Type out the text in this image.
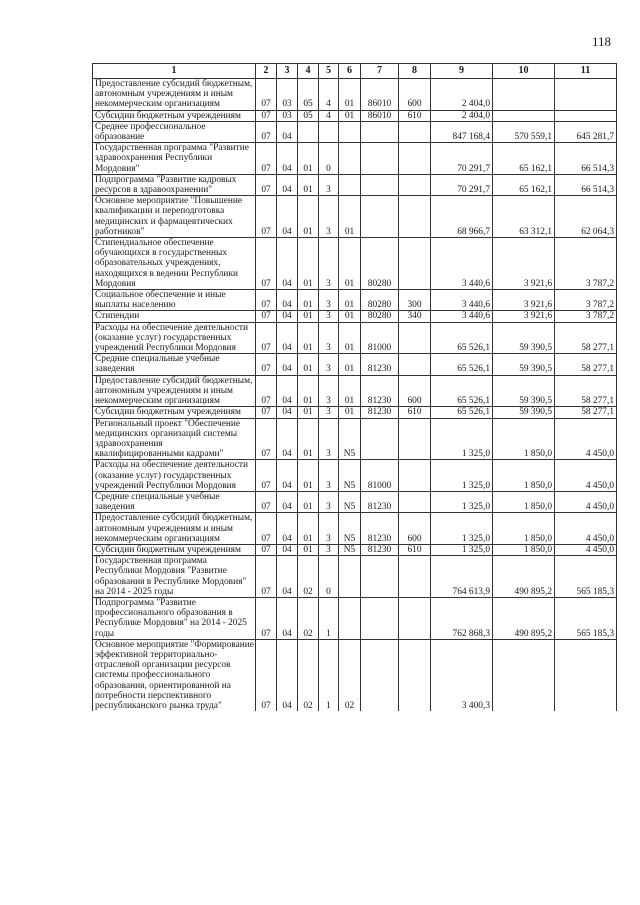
118
1	2	3	4	5	6	7	8	9	10	11
Предоставление субсидий бюджетным, автономным учреждениям и иным некоммерческим организациям	07	03	05	4	01	86010	600	2 404,0		
Субсидии бюджетным учреждениям	07	03	05	4	01	86010	610	2 404,0		
Среднее профессиональное образование	07	04						847 168,4	570 559,1	645 281,7
Государственная программа "Развитие здравоохранения Республики Мордовия"	07	04	01	0				70 291,7	65 162,1	66 514,3
Подпрограмма "Развитие кадровых ресурсов в здравоохранении"	07	04	01	3				70 291,7	65 162,1	66 514,3
Основное мероприятие "Повышение квалификации и переподготовка медицинских и фармацевтических работников"	07	04	01	3	01			68 966,7	63 312,1	62 064,3
Стипендиальное обеспечение обучающихся в государственных образовательных учреждениях, находящихся в ведении Республики Мордовия	07	04	01	3	01	80280		3 440,6	3 921,6	3 787,2
Социальное обеспечение и иные выплаты населению	07	04	01	3	01	80280	300	3 440,6	3 921,6	3 787,2
Стипендии	07	04	01	3	01	80280	340	3 440,6	3 921,6	3 787,2
Расходы на обеспечение деятельности (оказание услуг) государственных учреждений Республики Мордовия	07	04	01	3	01	81000		65 526,1	59 390,5	58 277,1
Средние специальные учебные заведения	07	04	01	3	01	81230		65 526,1	59 390,5	58 277,1
Предоставление субсидий бюджетным, автономным учреждениям и иным некоммерческим организациям	07	04	01	3	01	81230	600	65 526,1	59 390,5	58 277,1
Субсидии бюджетным учреждениям	07	04	01	3	01	81230	610	65 526,1	59 390,5	58 277,1
Региональный проект "Обеспечение медицинских организаций системы здравоохранения квалифицированными кадрами"	07	04	01	3	N5			1 325,0	1 850,0	4 450,0
Расходы на обеспечение деятельности (оказание услуг) государственных учреждений Республики Мордовия	07	04	01	3	N5	81000		1 325,0	1 850,0	4 450,0
Средние специальные учебные заведения	07	04	01	3	N5	81230		1 325,0	1 850,0	4 450,0
Предоставление субсидий бюджетным, автономным учреждениям и иным некоммерческим организациям	07	04	01	3	N5	81230	600	1 325,0	1 850,0	4 450,0
Субсидии бюджетным учреждениям	07	04	01	3	N5	81230	610	1 325,0	1 850,0	4 450,0
Государственная программа Республики Мордовия "Развитие образования в Республике Мордовия" на 2014 - 2025 годы	07	04	02	0				764 613,9	490 895,2	565 185,3
Подпрограмма "Развитие профессионального образования в Республике Мордовия" на 2014 - 2025 годы	07	04	02	1				762 868,3	490 895,2	565 185,3
Основное мероприятие "Формирование эффективной территориально-отраслевой организации ресурсов системы профессионального образования, ориентированной на потребности перспективного республиканского рынка труда"	07	04	02	1	02			3 400,3		
